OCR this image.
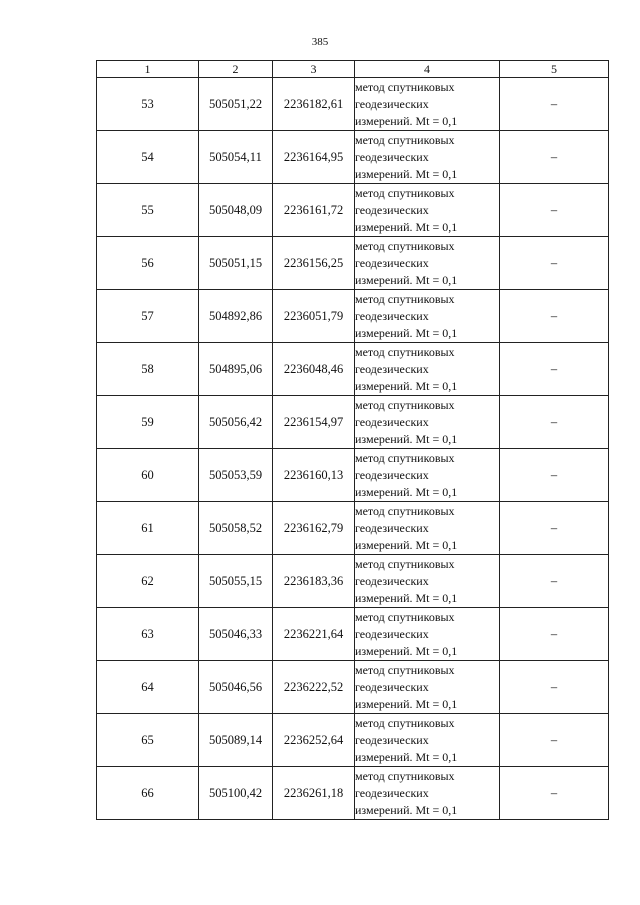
385
1	2	3	4	5
53	505051,22	2236182,61	метод спутниковых
геодезических
измерений. Mt = 0,1	–
54	505054,11	2236164,95	метод спутниковых
геодезических
измерений. Mt = 0,1	–
55	505048,09	2236161,72	метод спутниковых
геодезических
измерений. Mt = 0,1	–
56	505051,15	2236156,25	метод спутниковых
геодезических
измерений. Mt = 0,1	–
57	504892,86	2236051,79	метод спутниковых
геодезических
измерений. Mt = 0,1	–
58	504895,06	2236048,46	метод спутниковых
геодезических
измерений. Mt = 0,1	–
59	505056,42	2236154,97	метод спутниковых
геодезических
измерений. Mt = 0,1	–
60	505053,59	2236160,13	метод спутниковых
геодезических
измерений. Mt = 0,1	–
61	505058,52	2236162,79	метод спутниковых
геодезических
измерений. Mt = 0,1	–
62	505055,15	2236183,36	метод спутниковых
геодезических
измерений. Mt = 0,1	–
63	505046,33	2236221,64	метод спутниковых
геодезических
измерений. Mt = 0,1	–
64	505046,56	2236222,52	метод спутниковых
геодезических
измерений. Mt = 0,1	–
65	505089,14	2236252,64	метод спутниковых
геодезических
измерений. Mt = 0,1	–
66	505100,42	2236261,18	метод спутниковых
геодезических
измерений. Mt = 0,1	–
